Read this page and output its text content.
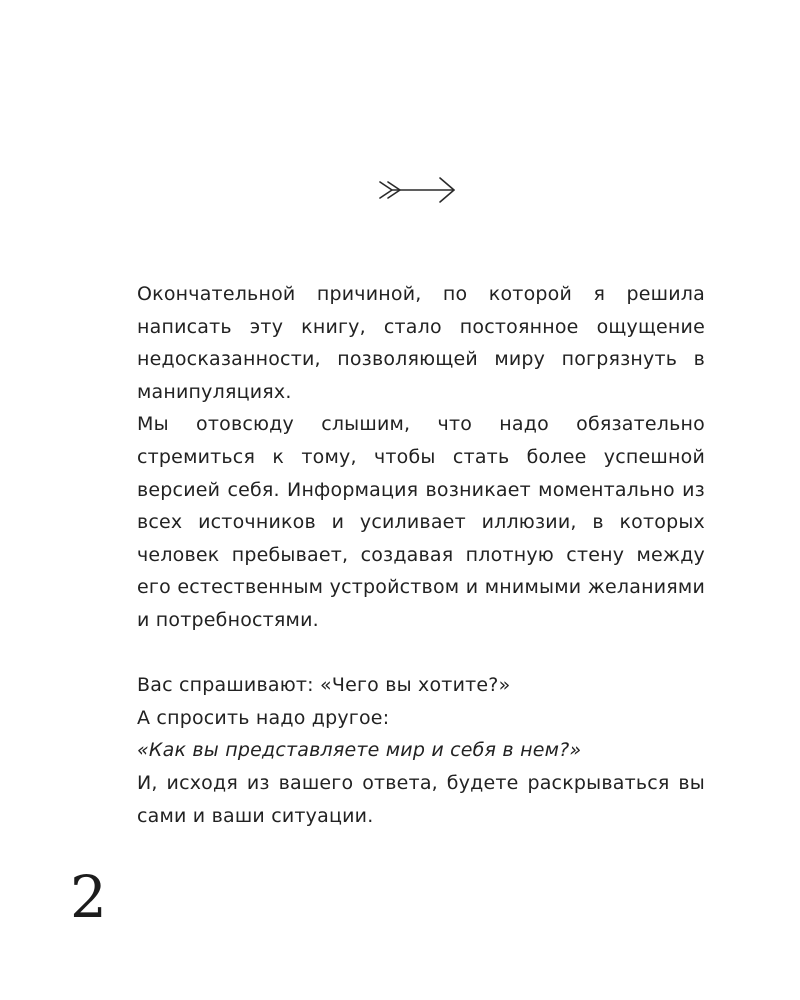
Окончательной причиной, по которой я решила написать эту книгу, стало постоянное ощущение недосказанности, позволяющей миру погрязнуть в манипуляциях.

Мы отовсюду слышим, что надо обязательно стремиться к тому, чтобы стать более успешной версией себя. Информация возникает моментально из всех источников и усиливает иллюзии, в которых человек пребывает, создавая плотную стену между его естественным устройством и мнимыми желаниями и потребностями.

Вас спрашивают: «Чего вы хотите?»

А спросить надо другое:

«Как вы представляете мир и себя в нем?»

И, исходя из вашего ответа, будете раскрываться вы сами и ваши ситуации.

2
